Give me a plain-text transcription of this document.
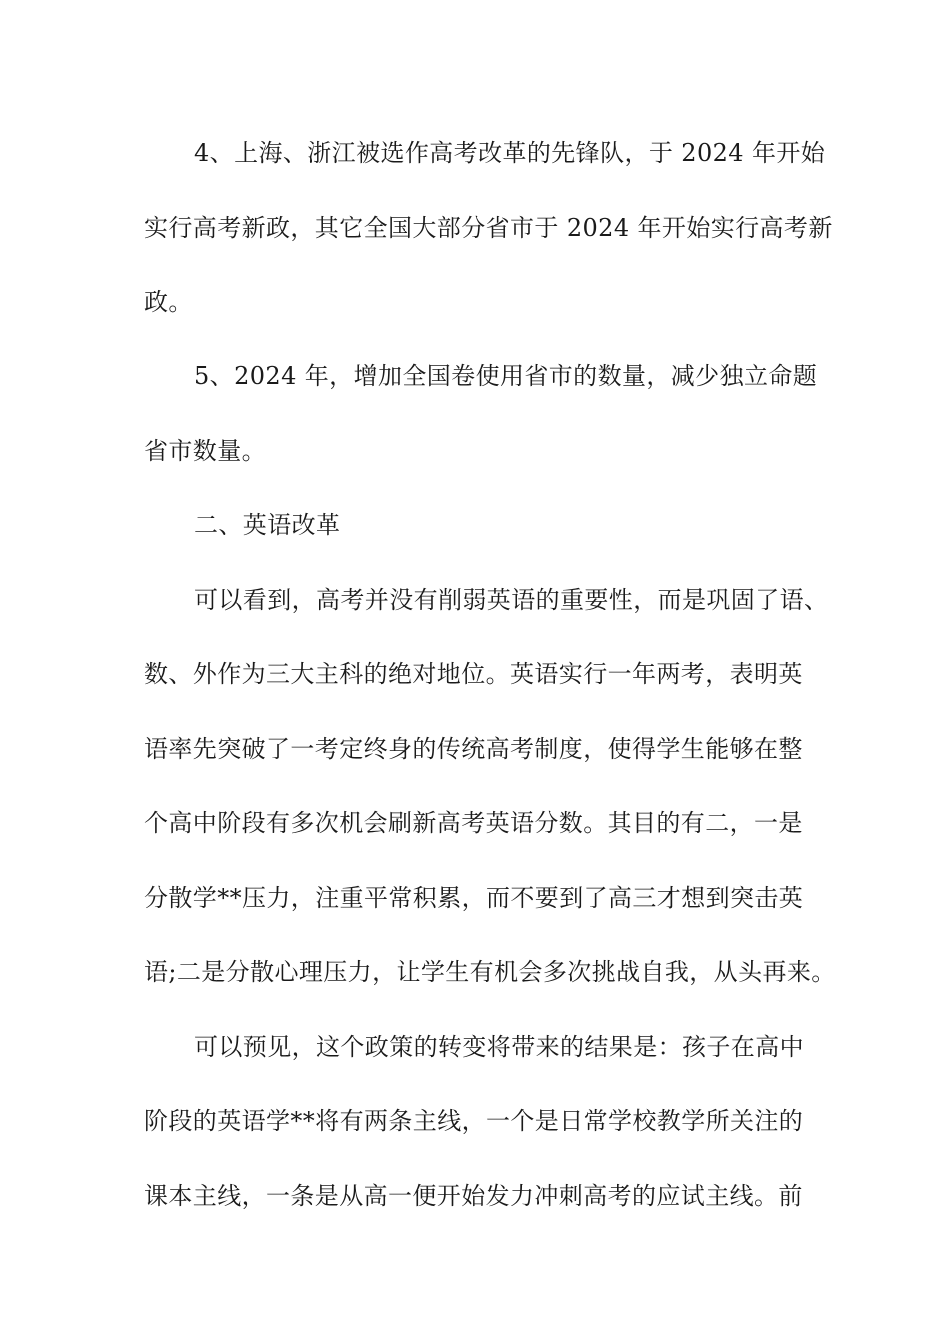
4、上海、浙江被选作高考改革的先锋队，于 2024 年开始
实行高考新政，其它全国大部分省市于 2024 年开始实行高考新
政。
5、2024 年，增加全国卷使用省市的数量，减少独立命题
省市数量。
二、英语改革
可以看到，高考并没有削弱英语的重要性，而是巩固了语、
数、外作为三大主科的绝对地位。英语实行一年两考，表明英
语率先突破了一考定终身的传统高考制度，使得学生能够在整
个高中阶段有多次机会刷新高考英语分数。其目的有二，一是
分散学**压力，注重平常积累，而不要到了高三才想到突击英
语;二是分散心理压力，让学生有机会多次挑战自我，从头再来。
可以预见，这个政策的转变将带来的结果是：孩子在高中
阶段的英语学**将有两条主线，一个是日常学校教学所关注的
课本主线，一条是从高一便开始发力冲刺高考的应试主线。前
